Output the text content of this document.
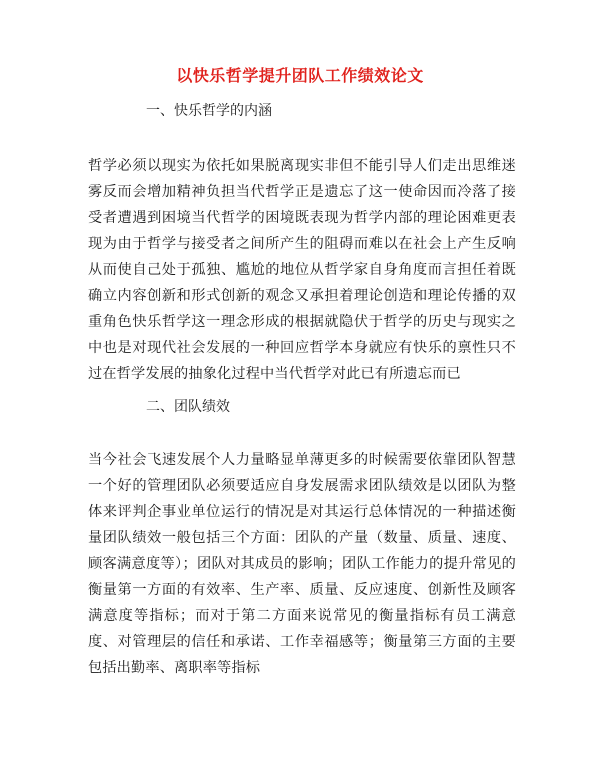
以快乐哲学提升团队工作绩效论文
一、快乐哲学的内涵
哲学必须以现实为依托如果脱离现实非但不能引导人们走出思维迷雾反而会增加精神负担当代哲学正是遗忘了这一使命因而冷落了接受者遭遇到困境当代哲学的困境既表现为哲学内部的理论困难更表现为由于哲学与接受者之间所产生的阻碍而难以在社会上产生反响从而使自己处于孤独、尴尬的地位从哲学家自身角度而言担任着既确立内容创新和形式创新的观念又承担着理论创造和理论传播的双重角色快乐哲学这一理念形成的根据就隐伏于哲学的历史与现实之中也是对现代社会发展的一种回应哲学本身就应有快乐的禀性只不过在哲学发展的抽象化过程中当代哲学对此已有所遗忘而已
二、团队绩效
当今社会飞速发展个人力量略显单薄更多的时候需要依靠团队智慧一个好的管理团队必须要适应自身发展需求团队绩效是以团队为整体来评判企事业单位运行的情况是对其运行总体情况的一种描述衡量团队绩效一般包括三个方面：团队的产量（数量、质量、速度、顾客满意度等）；团队对其成员的影响；团队工作能力的提升常见的衡量第一方面的有效率、生产率、质量、反应速度、创新性及顾客满意度等指标；而对于第二方面来说常见的衡量指标有员工满意度、对管理层的信任和承诺、工作幸福感等；衡量第三方面的主要包括出勤率、离职率等指标
